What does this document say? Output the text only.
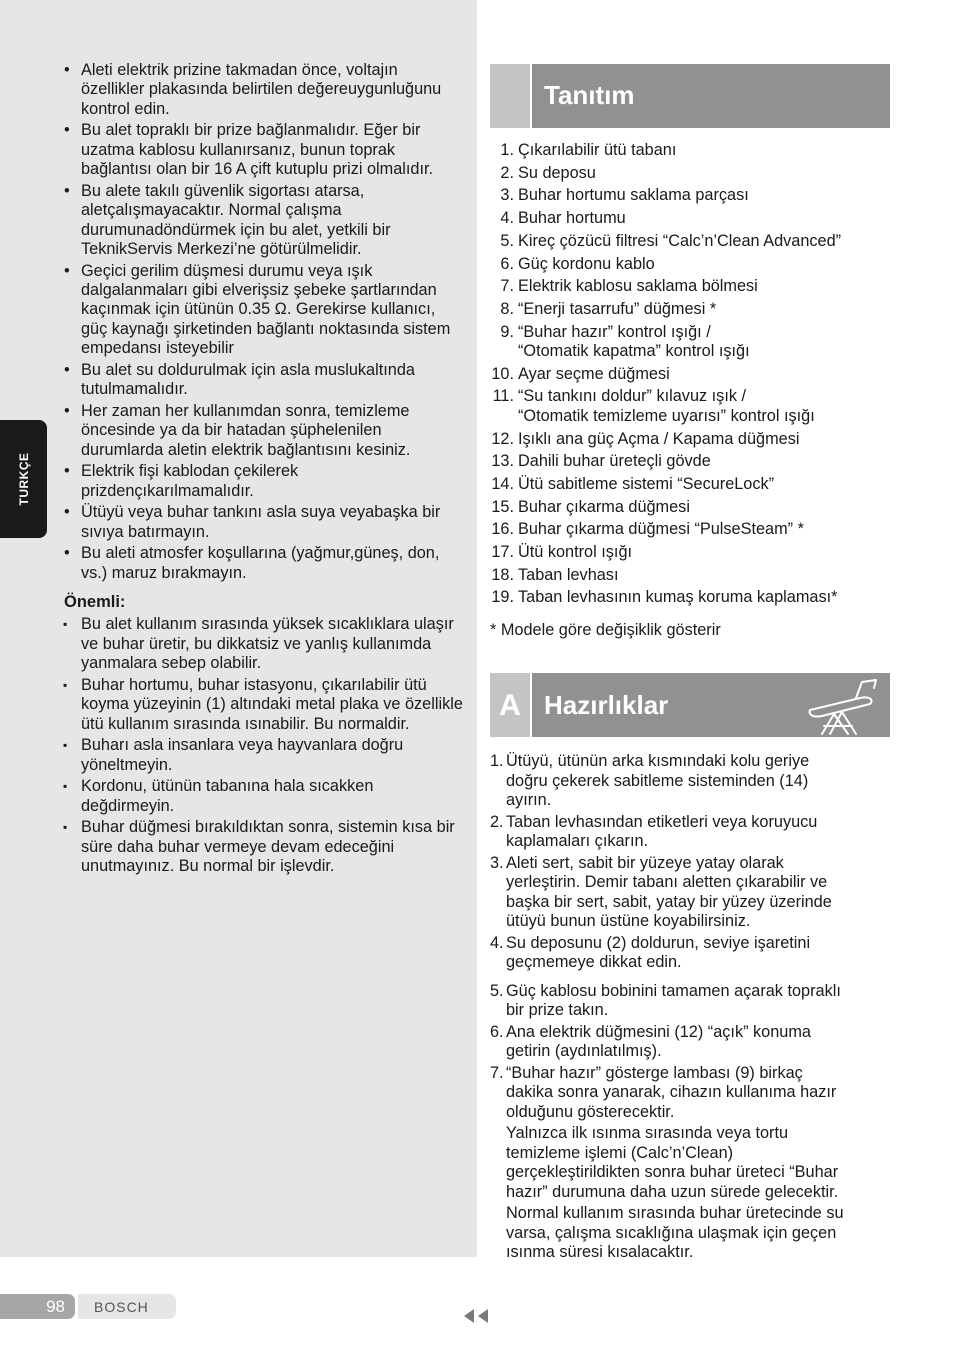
TURKÇE
• Aleti elektrik prizine takmadan önce, voltajın özellikler plakasında belirtilen değereuygunluğunu kontrol edin.
• Bu alet topraklı bir prize bağlanmalıdır. Eğer bir uzatma kablosu kullanırsanız, bunun toprak bağlantısı olan bir 16 A çift kutuplu prizi olmalıdır.
• Bu alete takılı güvenlik sigortası atarsa, aletçalışmayacaktır. Normal çalışma durumunadöndürmek için bu alet, yetkili bir TeknikServis Merkezi’ne götürülmelidir.
• Geçici gerilim düşmesi durumu veya ışık dalgalanmaları gibi elverişsiz şebeke şartlarından kaçınmak için ütünün 0.35 Ω. Gerekirse kullanıcı, güç kaynağı şirketinden bağlantı noktasında sistem empedansı isteyebilir
• Bu alet su doldurulmak için asla muslukaltında tutulmamalıdır.
• Her zaman her kullanımdan sonra, temizleme öncesinde ya da bir hatadan şüphelenilen durumlarda aletin elektrik bağlantısını kesiniz.
• Elektrik fişi kablodan çekilerek prizdençıkarılmamalıdır.
• Ütüyü veya buhar tankını asla suya veyabaşka bir sıvıya batırmayın.
• Bu aleti atmosfer koşullarına (yağmur,güneş, don, vs.) maruz bırakmayın.
Önemli:
▪ Bu alet kullanım sırasında yüksek sıcaklıklara ulaşır ve buhar üretir, bu dikkatsiz ve yanlış kullanımda yanmalara sebep olabilir.
▪ Buhar hortumu, buhar istasyonu, çıkarılabilir ütü koyma yüzeyinin (1) altındaki metal plaka ve özellikle ütü kullanım sırasında ısınabilir. Bu normaldir.
▪ Buharı asla insanlara veya hayvanlara doğru yöneltmeyin.
▪ Kordonu, ütünün tabanına hala sıcakken değdirmeyin.
▪ Buhar düğmesi bırakıldıktan sonra, sistemin kısa bir süre daha buhar vermeye devam edeceğini unutmayınız. Bu normal bir işlevdir.
Tanıtım
1. Çıkarılabilir ütü tabanı
2. Su deposu
3. Buhar hortumu saklama parçası
4. Buhar hortumu
5. Kireç çözücü filtresi “Calc’n’Clean Advanced”
6. Güç kordonu kablo
7. Elektrik kablosu saklama bölmesi
8. “Enerji tasarrufu” düğmesi *
9. “Buhar hazır” kontrol ışığı /
“Otomatik kapatma” kontrol ışığı
10. Ayar seçme düğmesi
11. “Su tankını doldur” kılavuz ışık /
“Otomatik temizleme uyarısı” kontrol ışığı
12. Işıklı ana güç Açma / Kapama düğmesi
13. Dahili buhar üreteçli gövde
14. Ütü sabitleme sistemi “SecureLock”
15. Buhar çıkarma düğmesi
16. Buhar çıkarma düğmesi “PulseSteam” *
17. Ütü kontrol ışığı
18. Taban levhası
19. Taban levhasının kumaş koruma kaplaması*
* Modele göre değişiklik gösterir
A Hazırlıklar
1. Ütüyü, ütünün arka kısmındaki kolu geriye
doğru çekerek sabitleme sisteminden (14)
ayırın.
2. Taban levhasından etiketleri veya koruyucu
kaplamaları çıkarın.
3. Aleti sert, sabit bir yüzeye yatay olarak
yerleştirin. Demir tabanı aletten çıkarabilir ve
başka bir sert, sabit, yatay bir yüzey üzerinde
ütüyü bunun üstüne koyabilirsiniz.
4. Su deposunu (2) doldurun, seviye işaretini
geçmemeye dikkat edin.
5. Güç kablosu bobinini tamamen açarak topraklı
bir prize takın.
6. Ana elektrik düğmesini (12) “açık” konuma
getirin (aydınlatılmış).
7. “Buhar hazır” gösterge lambası (9) birkaç
dakika sonra yanarak, cihazın kullanıma hazır
olduğunu gösterecektir.
Yalnızca ilk ısınma sırasında veya tortu
temizleme işlemi (Calc’n’Clean)
gerçekleştirildikten sonra buhar üreteci “Buhar
hazır” durumuna daha uzun sürede gelecektir.
Normal kullanım sırasında buhar üretecinde su
varsa, çalışma sıcaklığına ulaşmak için geçen
ısınma süresi kısalacaktır.
98	BOSCH
